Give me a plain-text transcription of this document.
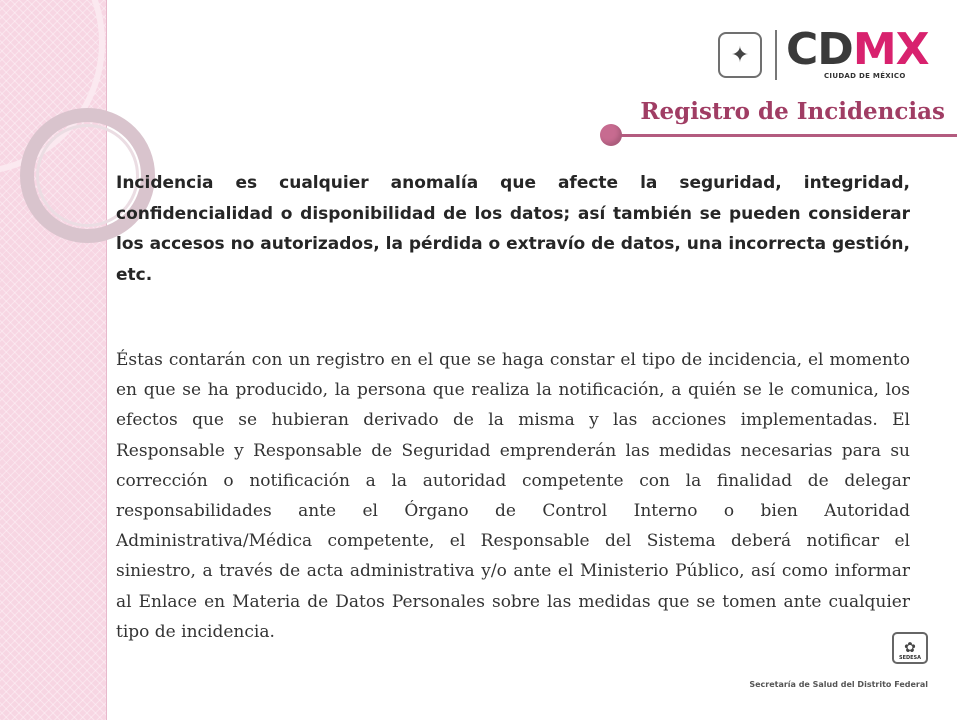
✦ CDMX
CIUDAD DE MÉXICO
Registro de Incidencias

Incidencia es cualquier anomalía que afecte la seguridad, integridad, confidencialidad o disponibilidad de los datos; así también se pueden considerar los accesos no autorizados, la pérdida o extravío de datos, una incorrecta gestión, etc.

Éstas contarán con un registro en el que se haga constar el tipo de incidencia, el momento en que se ha producido, la persona que realiza la notificación, a quién se le comunica, los efectos que se hubieran derivado de la misma y las acciones implementadas. El Responsable y Responsable de Seguridad emprenderán las medidas necesarias para su corrección o notificación a la autoridad competente con la finalidad de delegar responsabilidades ante el Órgano de Control Interno o bien Autoridad Administrativa/Médica competente, el Responsable del Sistema deberá notificar el siniestro, a través de acta administrativa y/o ante el Ministerio Público, así como informar al Enlace en Materia de Datos Personales sobre las medidas que se tomen ante cualquier tipo de incidencia.

✿
SEDESA
Secretaría de Salud del Distrito Federal
